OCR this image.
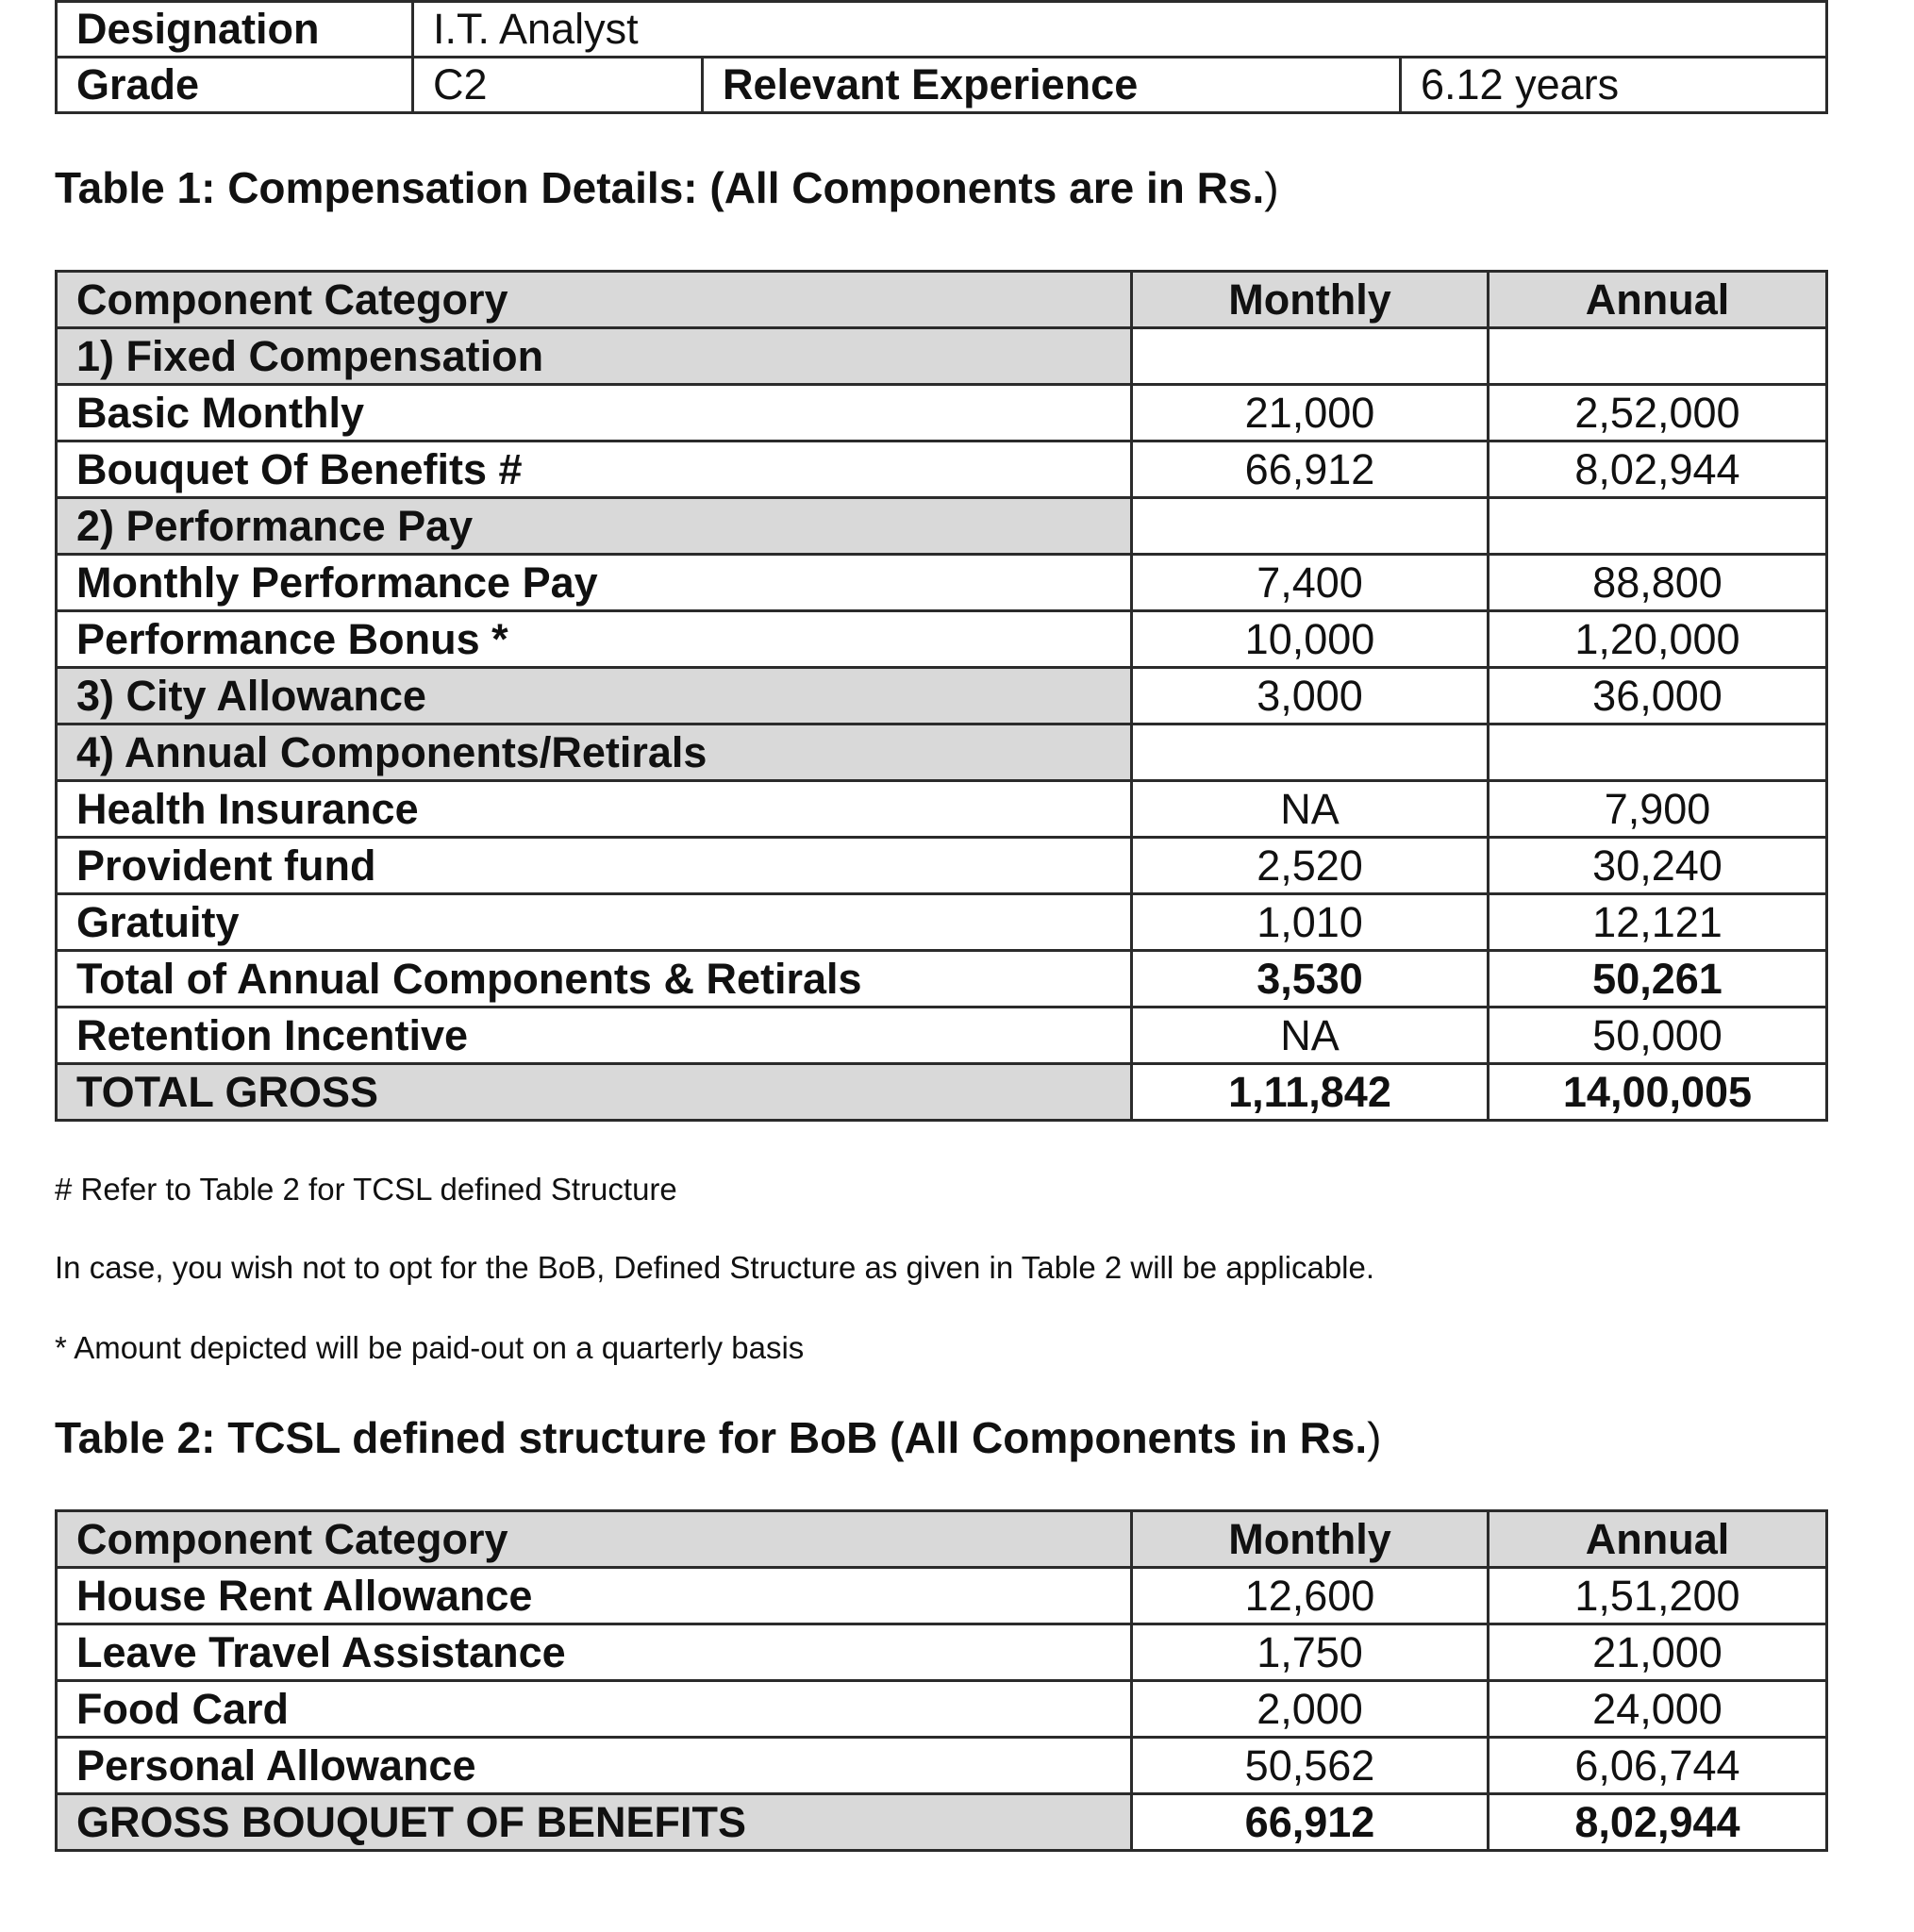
Designation	I.T. Analyst		
Grade	C2	Relevant Experience	6.12 years
Table 1: Compensation Details: (All Components are in Rs.)
Component Category	Monthly	Annual
1) Fixed Compensation		
Basic Monthly	21,000	2,52,000
Bouquet Of Benefits #	66,912	8,02,944
2) Performance Pay		
Monthly Performance Pay	7,400	88,800
Performance Bonus *	10,000	1,20,000
3) City Allowance	3,000	36,000
4) Annual Components/Retirals		
Health Insurance	NA	7,900
Provident fund	2,520	30,240
Gratuity	1,010	12,121
Total of Annual Components & Retirals	3,530	50,261
Retention Incentive	NA	50,000
TOTAL GROSS	1,11,842	14,00,005

# Refer to Table 2 for TCSL defined Structure

In case, you wish not to opt for the BoB, Defined Structure as given in Table 2 will be applicable.

* Amount depicted will be paid-out on a quarterly basis

Table 2: TCSL defined structure for BoB (All Components in Rs.)
Component Category	Monthly	Annual
House Rent Allowance	12,600	1,51,200
Leave Travel Assistance	1,750	21,000
Food Card	2,000	24,000
Personal Allowance	50,562	6,06,744
GROSS BOUQUET OF BENEFITS	66,912	8,02,944
